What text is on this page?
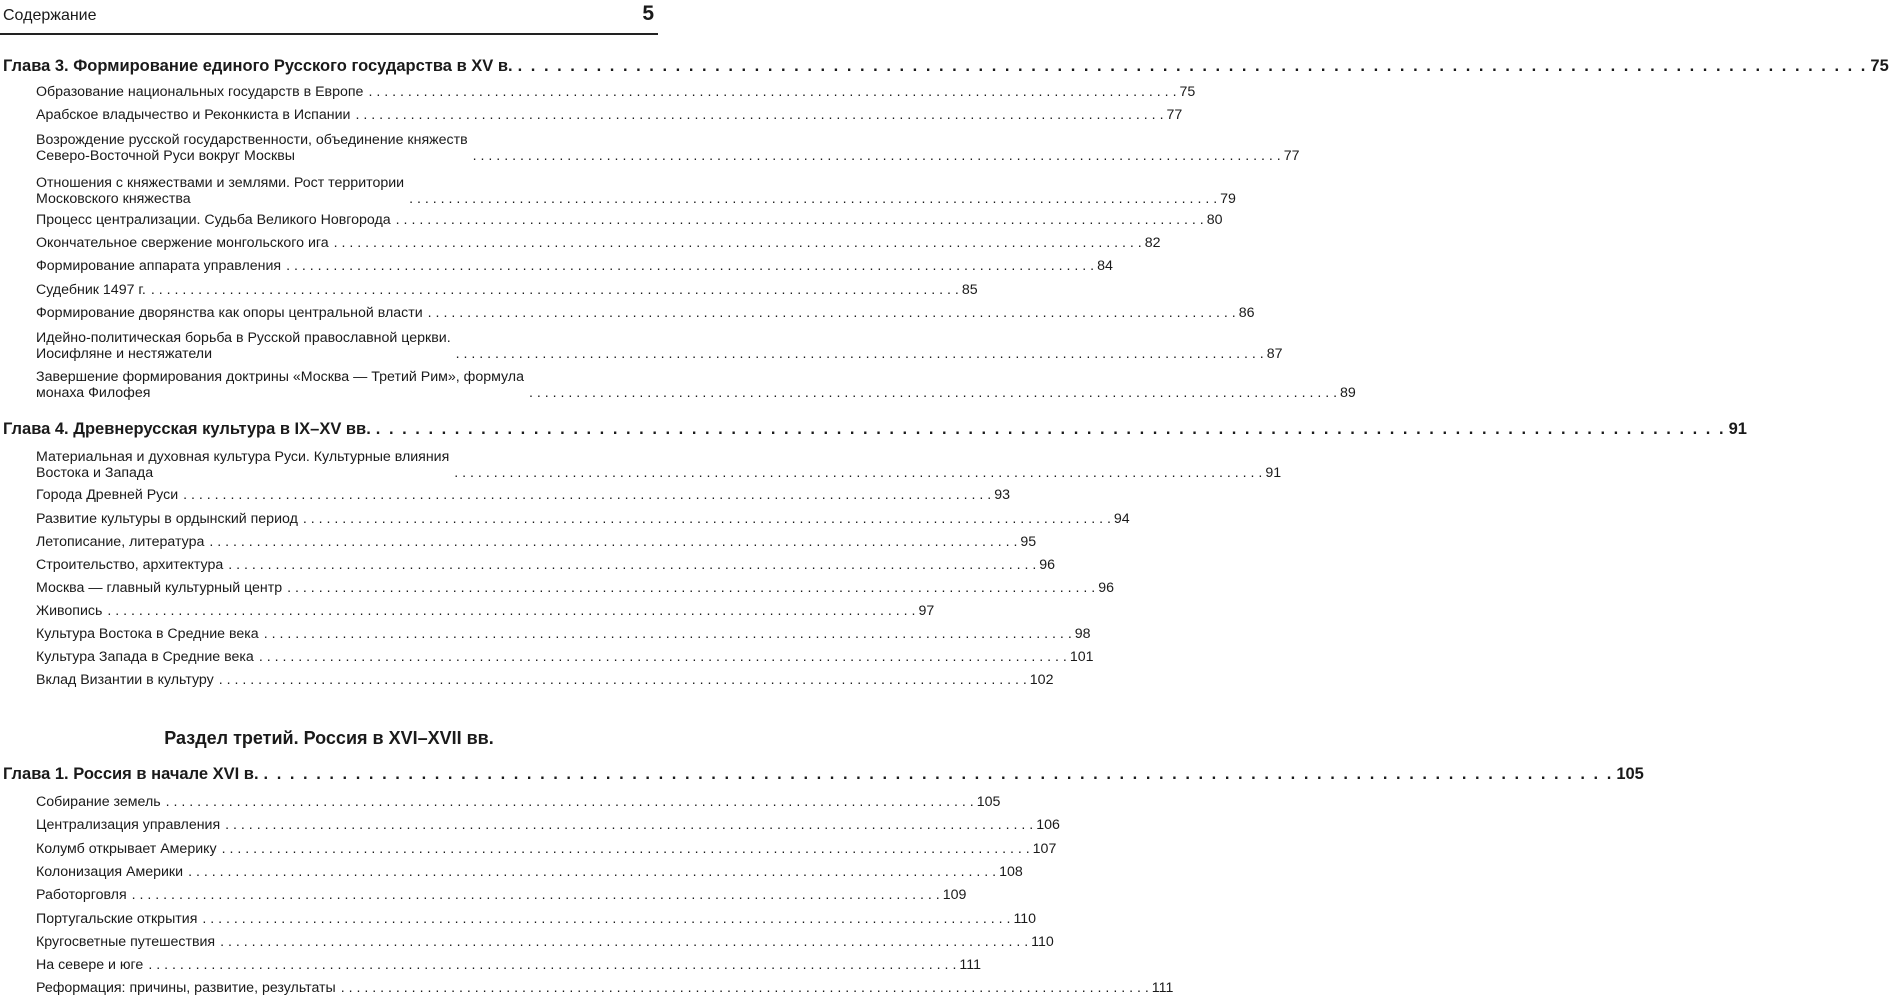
Содержание	5
Глава 3. Формирование единого Русского государства в XV в. . . . . . . . . . . . . . . . . . . . . . . . . . . . . . . . . . . . . . . . . . . . . . . . . . . . . . . . . . . . . . . . . . . . . . . . . . . . . . . . . . . . . . . . . . . . . . . . . . . . . . . . 75
Образование национальных государств в Европе . . . . . . . . . . . . . . . . . . . . . . . . . . . . . . . . . . . . . . . . . . . . . . . . . . . . . . . . . . . . . . . . . . . . . . . . . . . . . . . . . . . . . . . . . . . . . . . . . . . . . . . 75
Арабское владычество и Реконкиста в Испании . . . . . . . . . . . . . . . . . . . . . . . . . . . . . . . . . . . . . . . . . . . . . . . . . . . . . . . . . . . . . . . . . . . . . . . . . . . . . . . . . . . . . . . . . . . . . . . . . . . . . . . 77
Возрождение русской государственности, объединение княжеств
Северо-Восточной Руси вокруг Москвы	. . . . . . . . . . . . . . . . . . . . . . . . . . . . . . . . . . . . . . . . . . . . . . . . . . . . . . . . . . . . . . . . . . . . . . . . . . . . . . . . . . . . . . . . . . . . . . . . . . . . . . . 77
Отношения с княжествами и землями. Рост территории
Московского княжества	. . . . . . . . . . . . . . . . . . . . . . . . . . . . . . . . . . . . . . . . . . . . . . . . . . . . . . . . . . . . . . . . . . . . . . . . . . . . . . . . . . . . . . . . . . . . . . . . . . . . . . . 79
Процесс централизации. Судьба Великого Новгорода . . . . . . . . . . . . . . . . . . . . . . . . . . . . . . . . . . . . . . . . . . . . . . . . . . . . . . . . . . . . . . . . . . . . . . . . . . . . . . . . . . . . . . . . . . . . . . . . . . . . . . . 80
Окончательное свержение монгольского ига . . . . . . . . . . . . . . . . . . . . . . . . . . . . . . . . . . . . . . . . . . . . . . . . . . . . . . . . . . . . . . . . . . . . . . . . . . . . . . . . . . . . . . . . . . . . . . . . . . . . . . . 82
Формирование аппарата управления . . . . . . . . . . . . . . . . . . . . . . . . . . . . . . . . . . . . . . . . . . . . . . . . . . . . . . . . . . . . . . . . . . . . . . . . . . . . . . . . . . . . . . . . . . . . . . . . . . . . . . . 84
Судебник 1497 г. . . . . . . . . . . . . . . . . . . . . . . . . . . . . . . . . . . . . . . . . . . . . . . . . . . . . . . . . . . . . . . . . . . . . . . . . . . . . . . . . . . . . . . . . . . . . . . . . . . . . . . . 85
Формирование дворянства как опоры центральной власти . . . . . . . . . . . . . . . . . . . . . . . . . . . . . . . . . . . . . . . . . . . . . . . . . . . . . . . . . . . . . . . . . . . . . . . . . . . . . . . . . . . . . . . . . . . . . . . . . . . . . . . 86
Идейно-политическая борьба в Русской православной церкви.
Иосифляне и нестяжатели	. . . . . . . . . . . . . . . . . . . . . . . . . . . . . . . . . . . . . . . . . . . . . . . . . . . . . . . . . . . . . . . . . . . . . . . . . . . . . . . . . . . . . . . . . . . . . . . . . . . . . . . 87
Завершение формирования доктрины «Москва — Третий Рим», формула
монаха Филофея	. . . . . . . . . . . . . . . . . . . . . . . . . . . . . . . . . . . . . . . . . . . . . . . . . . . . . . . . . . . . . . . . . . . . . . . . . . . . . . . . . . . . . . . . . . . . . . . . . . . . . . . 89
Глава 4. Древнерусская культура в IX–XV вв. . . . . . . . . . . . . . . . . . . . . . . . . . . . . . . . . . . . . . . . . . . . . . . . . . . . . . . . . . . . . . . . . . . . . . . . . . . . . . . . . . . . . . . . . . . . . . . . . . . . . . . . 91
Материальная и духовная культура Руси. Культурные влияния
Востока и Запада	. . . . . . . . . . . . . . . . . . . . . . . . . . . . . . . . . . . . . . . . . . . . . . . . . . . . . . . . . . . . . . . . . . . . . . . . . . . . . . . . . . . . . . . . . . . . . . . . . . . . . . . 91
Города Древней Руси . . . . . . . . . . . . . . . . . . . . . . . . . . . . . . . . . . . . . . . . . . . . . . . . . . . . . . . . . . . . . . . . . . . . . . . . . . . . . . . . . . . . . . . . . . . . . . . . . . . . . . . 93
Развитие культуры в ордынский период . . . . . . . . . . . . . . . . . . . . . . . . . . . . . . . . . . . . . . . . . . . . . . . . . . . . . . . . . . . . . . . . . . . . . . . . . . . . . . . . . . . . . . . . . . . . . . . . . . . . . . . 94
Летописание, литература . . . . . . . . . . . . . . . . . . . . . . . . . . . . . . . . . . . . . . . . . . . . . . . . . . . . . . . . . . . . . . . . . . . . . . . . . . . . . . . . . . . . . . . . . . . . . . . . . . . . . . . 95
Строительство, архитектура . . . . . . . . . . . . . . . . . . . . . . . . . . . . . . . . . . . . . . . . . . . . . . . . . . . . . . . . . . . . . . . . . . . . . . . . . . . . . . . . . . . . . . . . . . . . . . . . . . . . . . . 96
Москва — главный культурный центр . . . . . . . . . . . . . . . . . . . . . . . . . . . . . . . . . . . . . . . . . . . . . . . . . . . . . . . . . . . . . . . . . . . . . . . . . . . . . . . . . . . . . . . . . . . . . . . . . . . . . . . 96
Живопись . . . . . . . . . . . . . . . . . . . . . . . . . . . . . . . . . . . . . . . . . . . . . . . . . . . . . . . . . . . . . . . . . . . . . . . . . . . . . . . . . . . . . . . . . . . . . . . . . . . . . . . 97
Культура Востока в Средние века . . . . . . . . . . . . . . . . . . . . . . . . . . . . . . . . . . . . . . . . . . . . . . . . . . . . . . . . . . . . . . . . . . . . . . . . . . . . . . . . . . . . . . . . . . . . . . . . . . . . . . . 98
Культура Запада в Средние века . . . . . . . . . . . . . . . . . . . . . . . . . . . . . . . . . . . . . . . . . . . . . . . . . . . . . . . . . . . . . . . . . . . . . . . . . . . . . . . . . . . . . . . . . . . . . . . . . . . . . . . 101
Вклад Византии в культуру . . . . . . . . . . . . . . . . . . . . . . . . . . . . . . . . . . . . . . . . . . . . . . . . . . . . . . . . . . . . . . . . . . . . . . . . . . . . . . . . . . . . . . . . . . . . . . . . . . . . . . . 102
Глава 1. Россия в начале XVI в. . . . . . . . . . . . . . . . . . . . . . . . . . . . . . . . . . . . . . . . . . . . . . . . . . . . . . . . . . . . . . . . . . . . . . . . . . . . . . . . . . . . . . . . . . . . . . . . . . . . . . . . 105
Собирание земель . . . . . . . . . . . . . . . . . . . . . . . . . . . . . . . . . . . . . . . . . . . . . . . . . . . . . . . . . . . . . . . . . . . . . . . . . . . . . . . . . . . . . . . . . . . . . . . . . . . . . . . 105
Централизация управления . . . . . . . . . . . . . . . . . . . . . . . . . . . . . . . . . . . . . . . . . . . . . . . . . . . . . . . . . . . . . . . . . . . . . . . . . . . . . . . . . . . . . . . . . . . . . . . . . . . . . . . 106
Колумб открывает Америку . . . . . . . . . . . . . . . . . . . . . . . . . . . . . . . . . . . . . . . . . . . . . . . . . . . . . . . . . . . . . . . . . . . . . . . . . . . . . . . . . . . . . . . . . . . . . . . . . . . . . . . 107
Колонизация Америки . . . . . . . . . . . . . . . . . . . . . . . . . . . . . . . . . . . . . . . . . . . . . . . . . . . . . . . . . . . . . . . . . . . . . . . . . . . . . . . . . . . . . . . . . . . . . . . . . . . . . . . 108
Работорговля . . . . . . . . . . . . . . . . . . . . . . . . . . . . . . . . . . . . . . . . . . . . . . . . . . . . . . . . . . . . . . . . . . . . . . . . . . . . . . . . . . . . . . . . . . . . . . . . . . . . . . . 109
Португальские открытия . . . . . . . . . . . . . . . . . . . . . . . . . . . . . . . . . . . . . . . . . . . . . . . . . . . . . . . . . . . . . . . . . . . . . . . . . . . . . . . . . . . . . . . . . . . . . . . . . . . . . . . 110
Кругосветные путешествия . . . . . . . . . . . . . . . . . . . . . . . . . . . . . . . . . . . . . . . . . . . . . . . . . . . . . . . . . . . . . . . . . . . . . . . . . . . . . . . . . . . . . . . . . . . . . . . . . . . . . . . 110
На севере и юге . . . . . . . . . . . . . . . . . . . . . . . . . . . . . . . . . . . . . . . . . . . . . . . . . . . . . . . . . . . . . . . . . . . . . . . . . . . . . . . . . . . . . . . . . . . . . . . . . . . . . . . 111
Реформация: причины, развитие, результаты . . . . . . . . . . . . . . . . . . . . . . . . . . . . . . . . . . . . . . . . . . . . . . . . . . . . . . . . . . . . . . . . . . . . . . . . . . . . . . . . . . . . . . . . . . . . . . . . . . . . . . . 111
Раздел третий. Россия в XVI–XVII вв.
